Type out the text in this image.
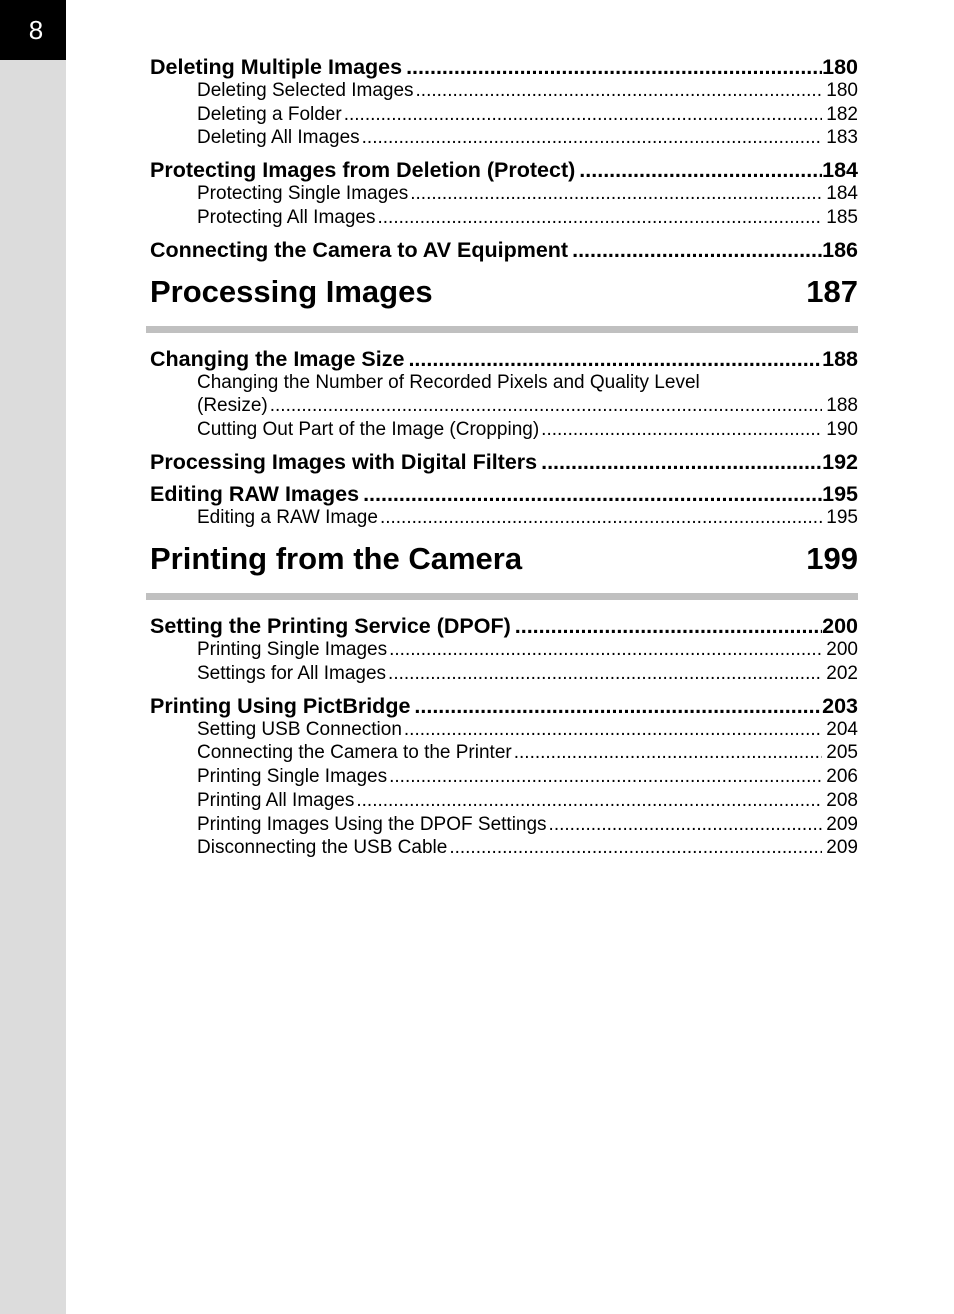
8
Deleting Multiple Images .....	180
Deleting Selected Images .....	180
Deleting a Folder .....	182
Deleting All Images .....	183
Protecting Images from Deletion (Protect) .....	184
Protecting Single Images .....	184
Protecting All Images .....	185
Connecting the Camera to AV Equipment .....	186
Processing Images	187
Changing the Image Size .....	188
Changing the Number of Recorded Pixels and Quality Level
(Resize) .....	188
Cutting Out Part of the Image (Cropping) .....	190
Processing Images with Digital Filters .....	192
Editing RAW Images .....	195
Editing a RAW Image .....	195
Printing from the Camera	199
Setting the Printing Service (DPOF) .....	200
Printing Single Images .....	200
Settings for All Images .....	202
Printing Using PictBridge .....	203
Setting USB Connection .....	204
Connecting the Camera to the Printer .....	205
Printing Single Images .....	206
Printing All Images .....	208
Printing Images Using the DPOF Settings .....	209
Disconnecting the USB Cable .....	209
